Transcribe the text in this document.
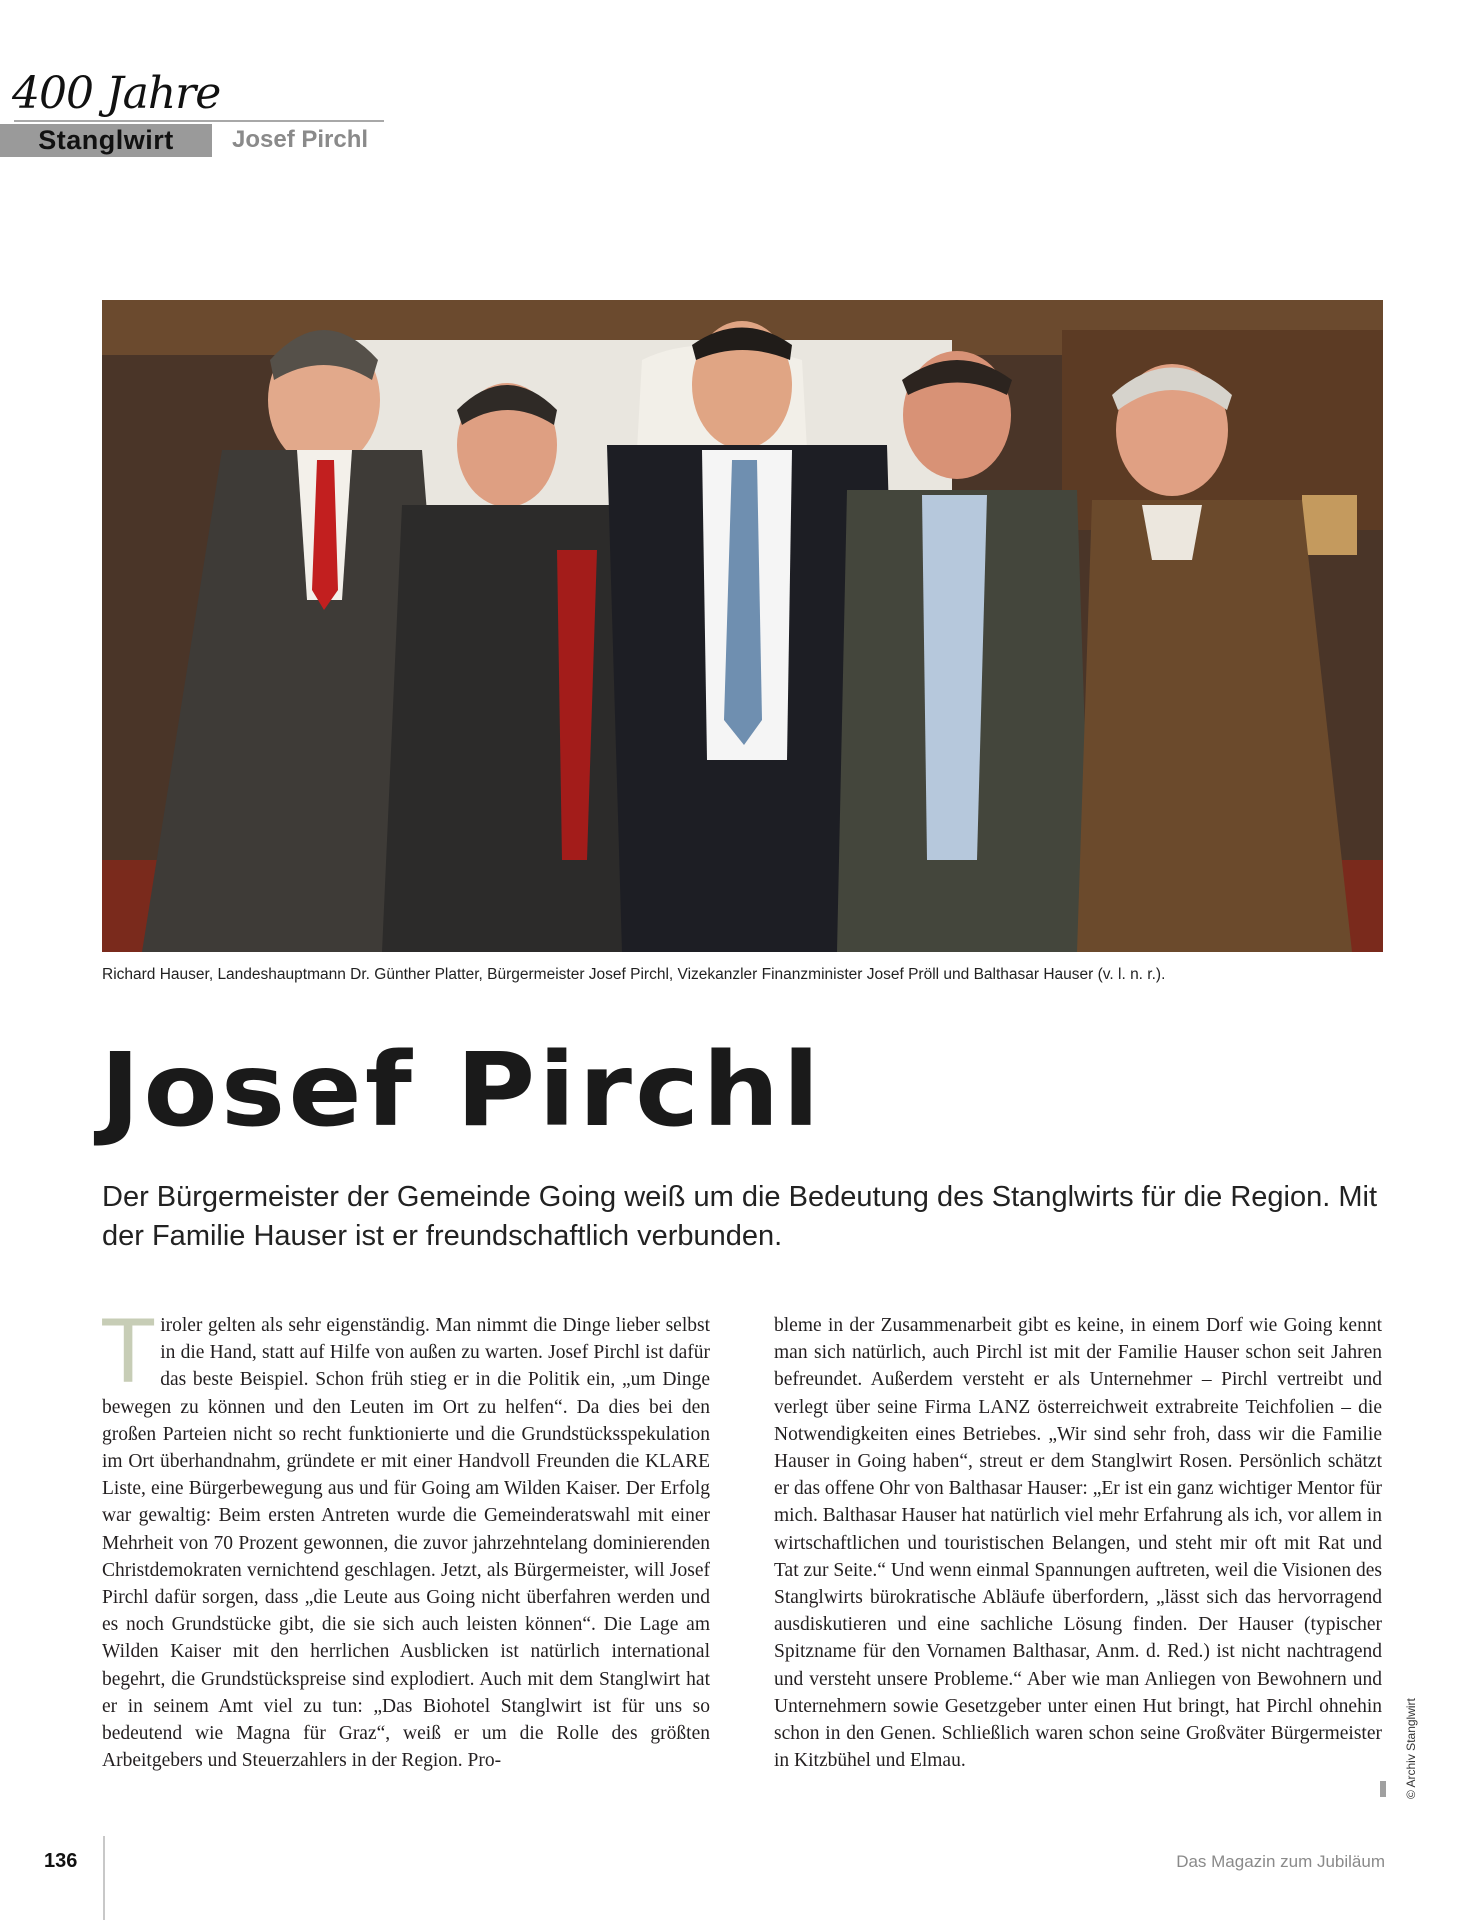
400 Jahre
Stanglwirt Josef Pirchl
Richard Hauser, Landeshauptmann Dr. Günther Platter, Bürgermeister Josef Pirchl, Vizekanzler Finanzminister Josef Pröll und Balthasar Hauser (v. l. n. r.).
Josef Pirchl
Der Bürgermeister der Gemeinde Going weiß um die Bedeutung des Stanglwirts für die Region. Mit der Familie Hauser ist er freundschaftlich verbunden.
T iroler gelten als sehr eigenständig. Man nimmt die Dinge lieber selbst in die Hand, statt auf Hilfe von außen zu warten. Josef Pirchl ist dafür das beste Beispiel. Schon früh stieg er in die Politik ein, „um Dinge bewegen zu können und den Leuten im Ort zu helfen“. Da dies bei den großen Parteien nicht so recht funktionierte und die Grundstücksspekulation im Ort überhandnahm, gründete er mit einer Handvoll Freunden die KLARE Liste, eine Bürgerbewegung aus und für Going am Wilden Kaiser. Der Erfolg war gewaltig: Beim ersten Antreten wurde die Gemeinderatswahl mit einer Mehrheit von 70 Prozent gewonnen, die zuvor jahrzehntelang dominierenden Christdemokraten vernichtend geschlagen. Jetzt, als Bürgermeister, will Josef Pirchl dafür sorgen, dass „die Leute aus Going nicht überfahren werden und es noch Grundstücke gibt, die sie sich auch leisten können“. Die Lage am Wilden Kaiser mit den herrlichen Ausblicken ist natürlich international begehrt, die Grundstückspreise sind explodiert. Auch mit dem Stanglwirt hat er in seinem Amt viel zu tun: „Das Biohotel Stanglwirt ist für uns so bedeutend wie Magna für Graz“, weiß er um die Rolle des größten Arbeitgebers und Steuerzahlers in der Region. Pro-
bleme in der Zusammenarbeit gibt es keine, in einem Dorf wie Going kennt man sich natürlich, auch Pirchl ist mit der Familie Hauser schon seit Jahren befreundet. Außerdem versteht er als Unternehmer – Pirchl vertreibt und verlegt über seine Firma LANZ österreichweit extrabreite Teichfolien – die Notwendigkeiten eines Betriebes. „Wir sind sehr froh, dass wir die Familie Hauser in Going haben“, streut er dem Stanglwirt Rosen. Persönlich schätzt er das offene Ohr von Balthasar Hauser: „Er ist ein ganz wichtiger Mentor für mich. Balthasar Hauser hat natürlich viel mehr Erfahrung als ich, vor allem in wirtschaftlichen und touristischen Belangen, und steht mir oft mit Rat und Tat zur Seite.“ Und wenn einmal Spannungen auftreten, weil die Visionen des Stanglwirts bürokratische Abläufe überfordern, „lässt sich das hervorragend ausdiskutieren und eine sachliche Lösung finden. Der Hauser (typischer Spitzname für den Vornamen Balthasar, Anm. d. Red.) ist nicht nachtragend und versteht unsere Probleme.“ Aber wie man Anliegen von Bewohnern und Unternehmern sowie Gesetzgeber unter einen Hut bringt, hat Pirchl ohnehin schon in den Genen. Schließlich waren schon seine Großväter Bürgermeister in Kitzbühel und Elmau.	© Archiv Stanglwirt
136	Das Magazin zum Jubiläum
